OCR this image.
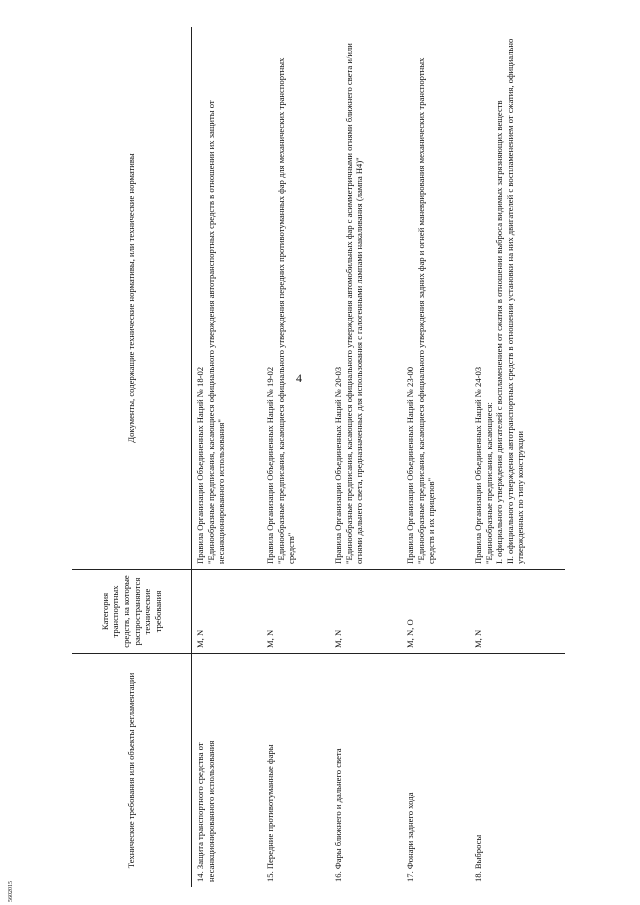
4
Технические требования или объекты регламентации
Категория транспортных средств, на которые распространяются технические требования
Документы, содержащие технические нормативы, или технические нормативы
14. Защита транспортного средства от несанкционированного использования
M, N
Правила Организации Объединенных Наций № 18-02 "Единообразные предписания, касающиеся официального утверждения автотранспортных средств в отношении их защиты от несанкционированного использования"
15. Передние противотуманные фары
M, N
Правила Организации Объединенных Наций № 19-02 "Единообразные предписания, касающиеся официального утверждения передних противотуманных фар для механических транспортных средств"
16. Фары ближнего и дальнего света
M, N
Правила Организации Объединенных Наций № 20-03 "Единообразные предписания, касающиеся официального утверждения автомобильных фар с асимметричными огнями ближнего света и/или огнями дальнего света, предназначенных для использования с галогенными лампами накаливания (лампа Н4)"
17. Фонари заднего хода
M, N, O
Правила Организации Объединенных Наций № 23-00 "Единообразные предписания, касающиеся официального утверждения задних фар и огней маневрирования механических транспортных средств и их прицепов"
18. Выбросы
M, N
Правила Организации Объединенных Наций № 24-03 "Единообразные предписания, касающиеся: I. официального утверждения двигателей с воспламенением от сжатия в отношении выброса видимых загрязняющих веществ II. официального утверждения автотранспортных средств в отношении установки на них двигателей с воспламенением от сжатия, официально утвержденных по типу конструкции
5602015
